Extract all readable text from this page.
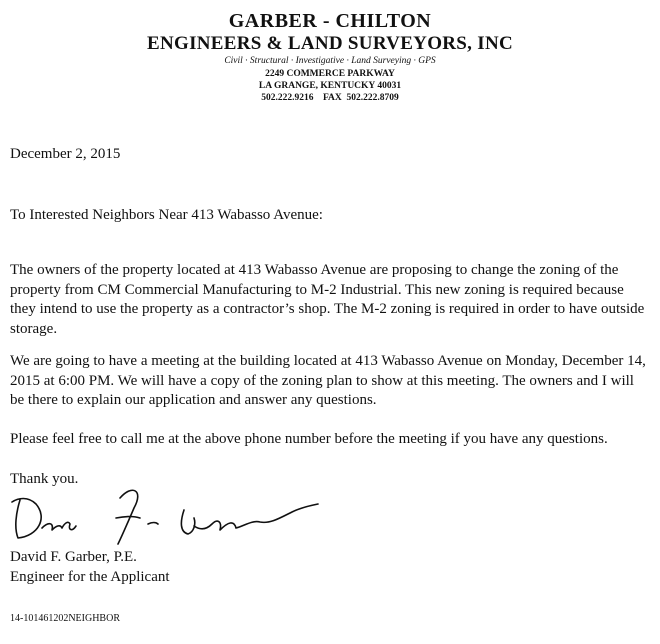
GARBER - CHILTON
ENGINEERS & LAND SURVEYORS, INC
Civil · Structural · Investigative · Land Surveying · GPS
2249 COMMERCE PARKWAY
LA GRANGE, KENTUCKY 40031
502.222.9216    FAX  502.222.8709
December 2, 2015
To Interested Neighbors Near 413 Wabasso Avenue:

The owners of the property located at 413 Wabasso Avenue are proposing to change the zoning of the property from CM Commercial Manufacturing to M-2 Industrial. This new zoning is required because they intend to use the property as a contractor’s shop. The M-2 zoning is required in order to have outside storage.

We are going to have a meeting at the building located at 413 Wabasso Avenue on Monday, December 14, 2015 at 6:00 PM. We will have a copy of the zoning plan to show at this meeting. The owners and I will be there to explain our application and answer any questions.

Please feel free to call me at the above phone number before the meeting if you have any questions.

Thank you.
David F. Garber, P.E.
Engineer for the Applicant
14-101461202NEIGHBOR
